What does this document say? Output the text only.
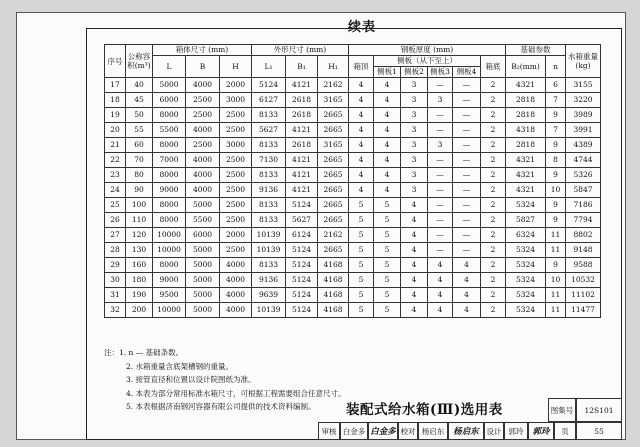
续表
序号	公称容积(m³)	箱体尺寸 (mm)			外形尺寸 (mm)			钢板厚度 (mm)						基础参数		水箱重量(kg)
		L	B	H	L₁	B₁	H₁	箱顶	侧板（从下至上）				箱底	B₂(mm)	n	
									侧板1	侧板2	侧板3	侧板4				
17	40	5000	4000	2000	5124	4121	2162	4	4	3	—	—	2	4321	6	3155
18	45	6000	2500	3000	6127	2618	3165	4	4	3	3	—	2	2818	7	3220
19	50	8000	2500	2500	8133	2618	2665	4	4	3	—	—	2	2818	9	3989
20	55	5500	4000	2500	5627	4121	2665	4	4	3	—	—	2	4318	7	3991
21	60	8000	2500	3000	8133	2618	3165	4	4	3	3	—	2	2818	9	4389
22	70	7000	4000	2500	7130	4121	2665	4	4	3	—	—	2	4321	8	4744
23	80	8000	4000	2500	8133	4121	2665	4	4	3	—	—	2	4321	9	5326
24	90	9000	4000	2500	9136	4121	2665	4	4	3	—	—	2	4321	10	5847
25	100	8000	5000	2500	8133	5124	2665	5	5	4	—	—	2	5324	9	7186
26	110	8000	5500	2500	8133	5627	2665	5	5	4	—	—	2	5827	9	7794
27	120	10000	6000	2000	10139	6124	2162	5	5	4	—	—	2	6324	11	8802
28	130	10000	5000	2500	10139	5124	2665	5	5	4	—	—	2	5324	11	9148
29	160	8000	5000	4000	8133	5124	4168	5	5	4	4	4	2	5324	9	9588
30	180	9000	5000	4000	9136	5124	4168	5	5	4	4	4	2	5324	10	10532
31	190	9500	5000	4000	9639	5124	4168	5	5	4	4	4	2	5324	11	11102
32	200	10000	5000	4000	10139	5124	4168	5	5	4	4	4	2	5324	11	11477
注：1. n — 基础条数。
2. 水箱重量含底架槽钢的重量。
3. 接管直径和位置以设计院图纸为准。
4. 本表为部分常用标准水箱尺寸，可根据工程需要组合任意尺寸。
5. 本表根据济南钢河容器有限公司提供的技术资料编制。	装配式给水箱(Ⅲ)选用表	图集号	12S101
审核 白金多 白金多 校对 杨启东	杨启东	设计 郭玲	郭玲	页	55
